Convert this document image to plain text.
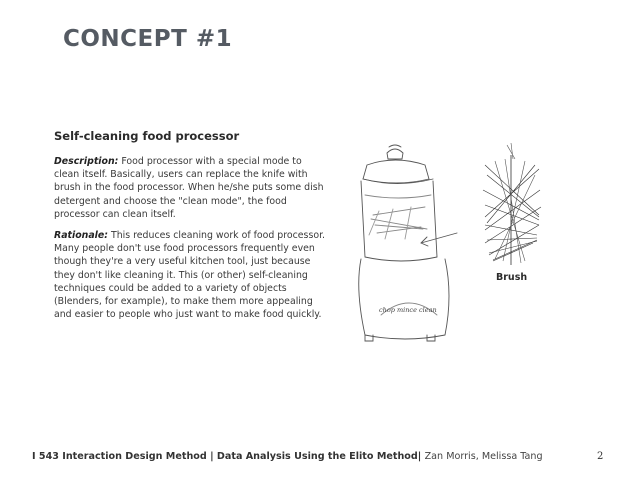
CONCEPT #1
Self-cleaning food processor
Description: Food processor with a special mode to clean itself. Basically, users can replace the knife with brush in the food processor. When he/she puts some dish detergent and choose the "clean mode", the food processor can clean itself.
Rationale: This reduces cleaning work of food processor. Many people don't use food processors frequently even though they're a very useful kitchen tool, just because they don't like cleaning it. This (or other) self-cleaning techniques could be added to a variety of objects (Blenders, for example), to make them more appealing and easier to people who just want to make food quickly.	chop mince clean
Brush
I 543 Interaction Design Method | Data Analysis Using the Elito Method| Zan Morris, Melissa Tang	2
